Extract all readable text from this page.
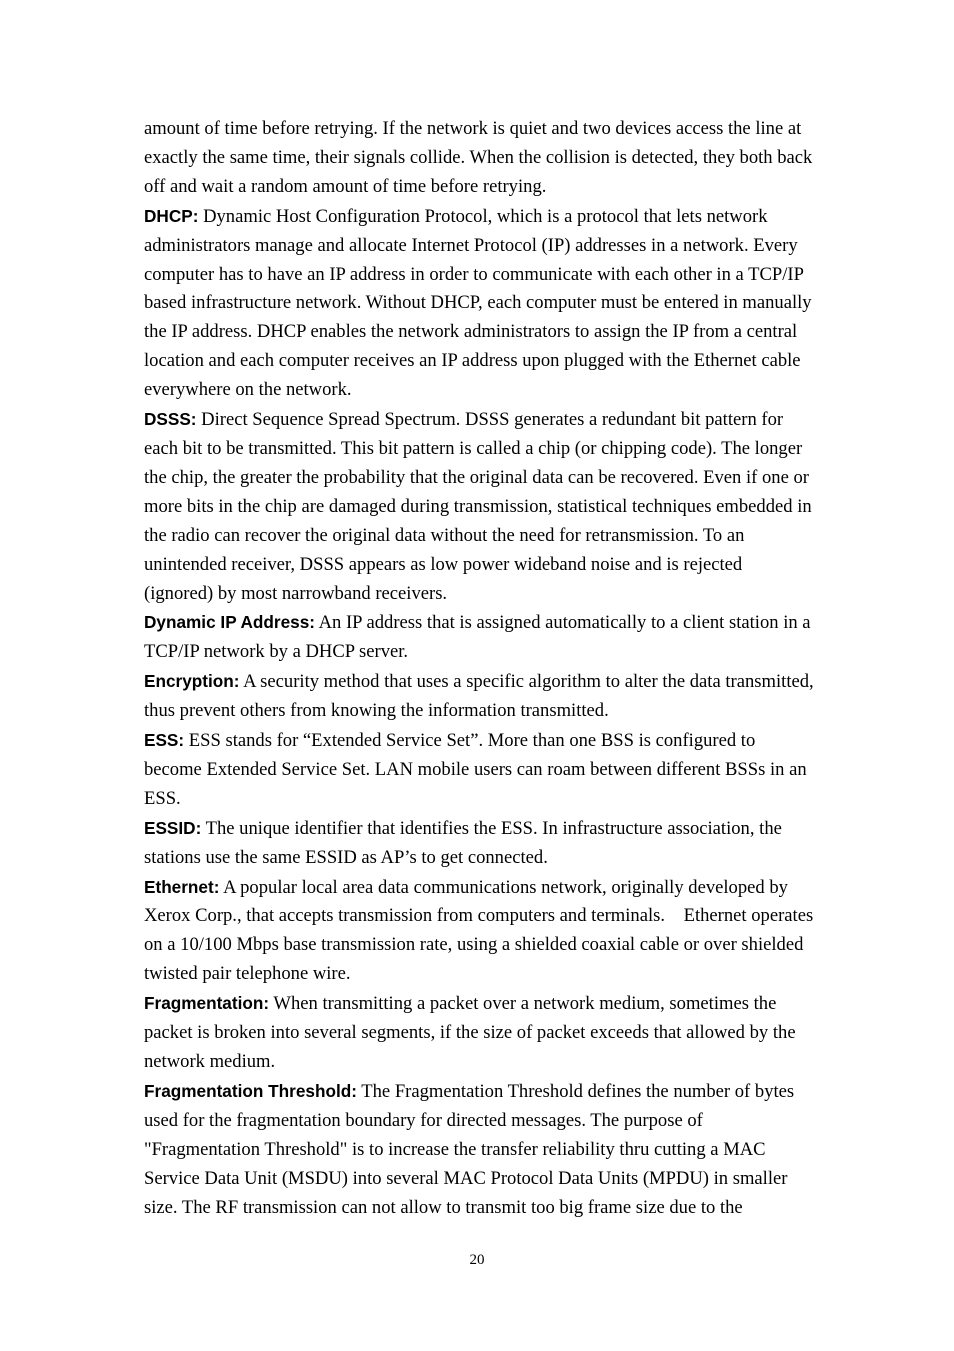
amount of time before retrying. If the network is quiet and two devices access the line at exactly the same time, their signals collide. When the collision is detected, they both back off and wait a random amount of time before retrying.

DHCP: Dynamic Host Configuration Protocol, which is a protocol that lets network administrators manage and allocate Internet Protocol (IP) addresses in a network. Every computer has to have an IP address in order to communicate with each other in a TCP/IP based infrastructure network. Without DHCP, each computer must be entered in manually the IP address. DHCP enables the network administrators to assign the IP from a central location and each computer receives an IP address upon plugged with the Ethernet cable everywhere on the network.

DSSS: Direct Sequence Spread Spectrum. DSSS generates a redundant bit pattern for each bit to be transmitted. This bit pattern is called a chip (or chipping code). The longer the chip, the greater the probability that the original data can be recovered. Even if one or more bits in the chip are damaged during transmission, statistical techniques embedded in the radio can recover the original data without the need for retransmission. To an unintended receiver, DSSS appears as low power wideband noise and is rejected (ignored) by most narrowband receivers.

Dynamic IP Address: An IP address that is assigned automatically to a client station in a TCP/IP network by a DHCP server.

Encryption: A security method that uses a specific algorithm to alter the data transmitted, thus prevent others from knowing the information transmitted.

ESS: ESS stands for “Extended Service Set”. More than one BSS is configured to become Extended Service Set. LAN mobile users can roam between different BSSs in an ESS.

ESSID: The unique identifier that identifies the ESS. In infrastructure association, the stations use the same ESSID as AP’s to get connected.

Ethernet: A popular local area data communications network, originally developed by Xerox Corp., that accepts transmission from computers and terminals.    Ethernet operates on a 10/100 Mbps base transmission rate, using a shielded coaxial cable or over shielded twisted pair telephone wire.

Fragmentation: When transmitting a packet over a network medium, sometimes the packet is broken into several segments, if the size of packet exceeds that allowed by the network medium.

Fragmentation Threshold: The Fragmentation Threshold defines the number of bytes used for the fragmentation boundary for directed messages. The purpose of "Fragmentation Threshold" is to increase the transfer reliability thru cutting a MAC Service Data Unit (MSDU) into several MAC Protocol Data Units (MPDU) in smaller size. The RF transmission can not allow to transmit too big frame size due to the

20
